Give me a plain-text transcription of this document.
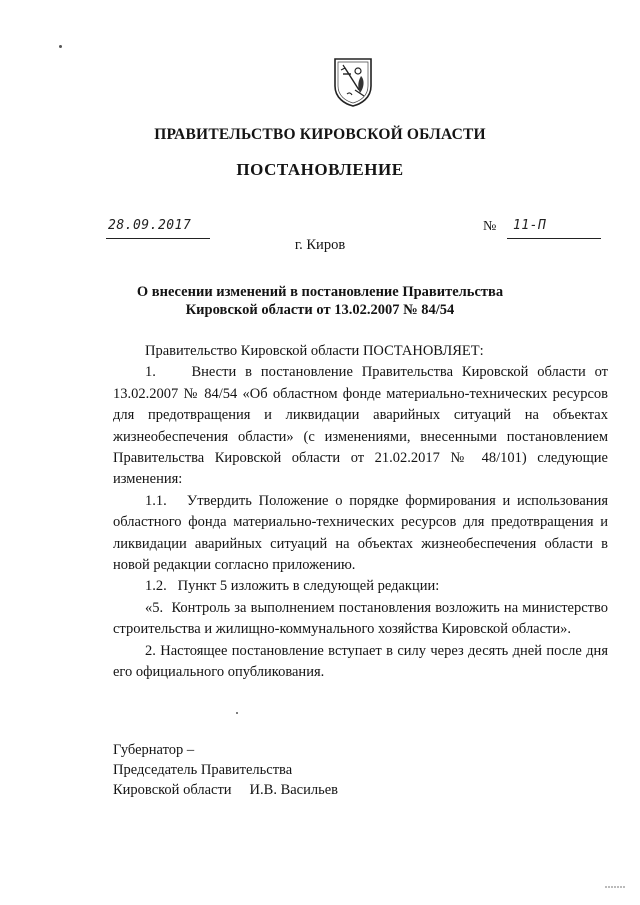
ПРАВИТЕЛЬСТВО КИРОВСКОЙ ОБЛАСТИ
ПОСТАНОВЛЕНИЕ
28.09.2017	№ 11-П
г. Киров
О внесении изменений в постановление Правительства
Кировской области от 13.02.2007 № 84/54

Правительство Кировской области ПОСТАНОВЛЯЕТ:

1.    Внести в постановление Правительства Кировской области от 13.02.2007 № 84/54 «Об областном фонде материально-технических ресурсов для предотвращения и ликвидации аварийных ситуаций на объектах жизнеобеспечения области» (с изменениями, внесенными постановлением Правительства Кировской области от 21.02.2017 № 48/101) следующие изменения:

1.1.   Утвердить Положение о порядке формирования и использования областного фонда материально-технических ресурсов для предотвращения и ликвидации аварийных ситуаций на объектах жизнеобеспечения области в новой редакции согласно приложению.

1.2.   Пункт 5 изложить в следующей редакции:

«5.  Контроль за выполнением постановления возложить на министерство строительства и жилищно-коммунального хозяйства Кировской области».

2. Настоящее постановление вступает в силу через десять дней после дня его официального опубликования.

Губернатор –
Председатель Правительства
Кировской области И.В. Васильев
